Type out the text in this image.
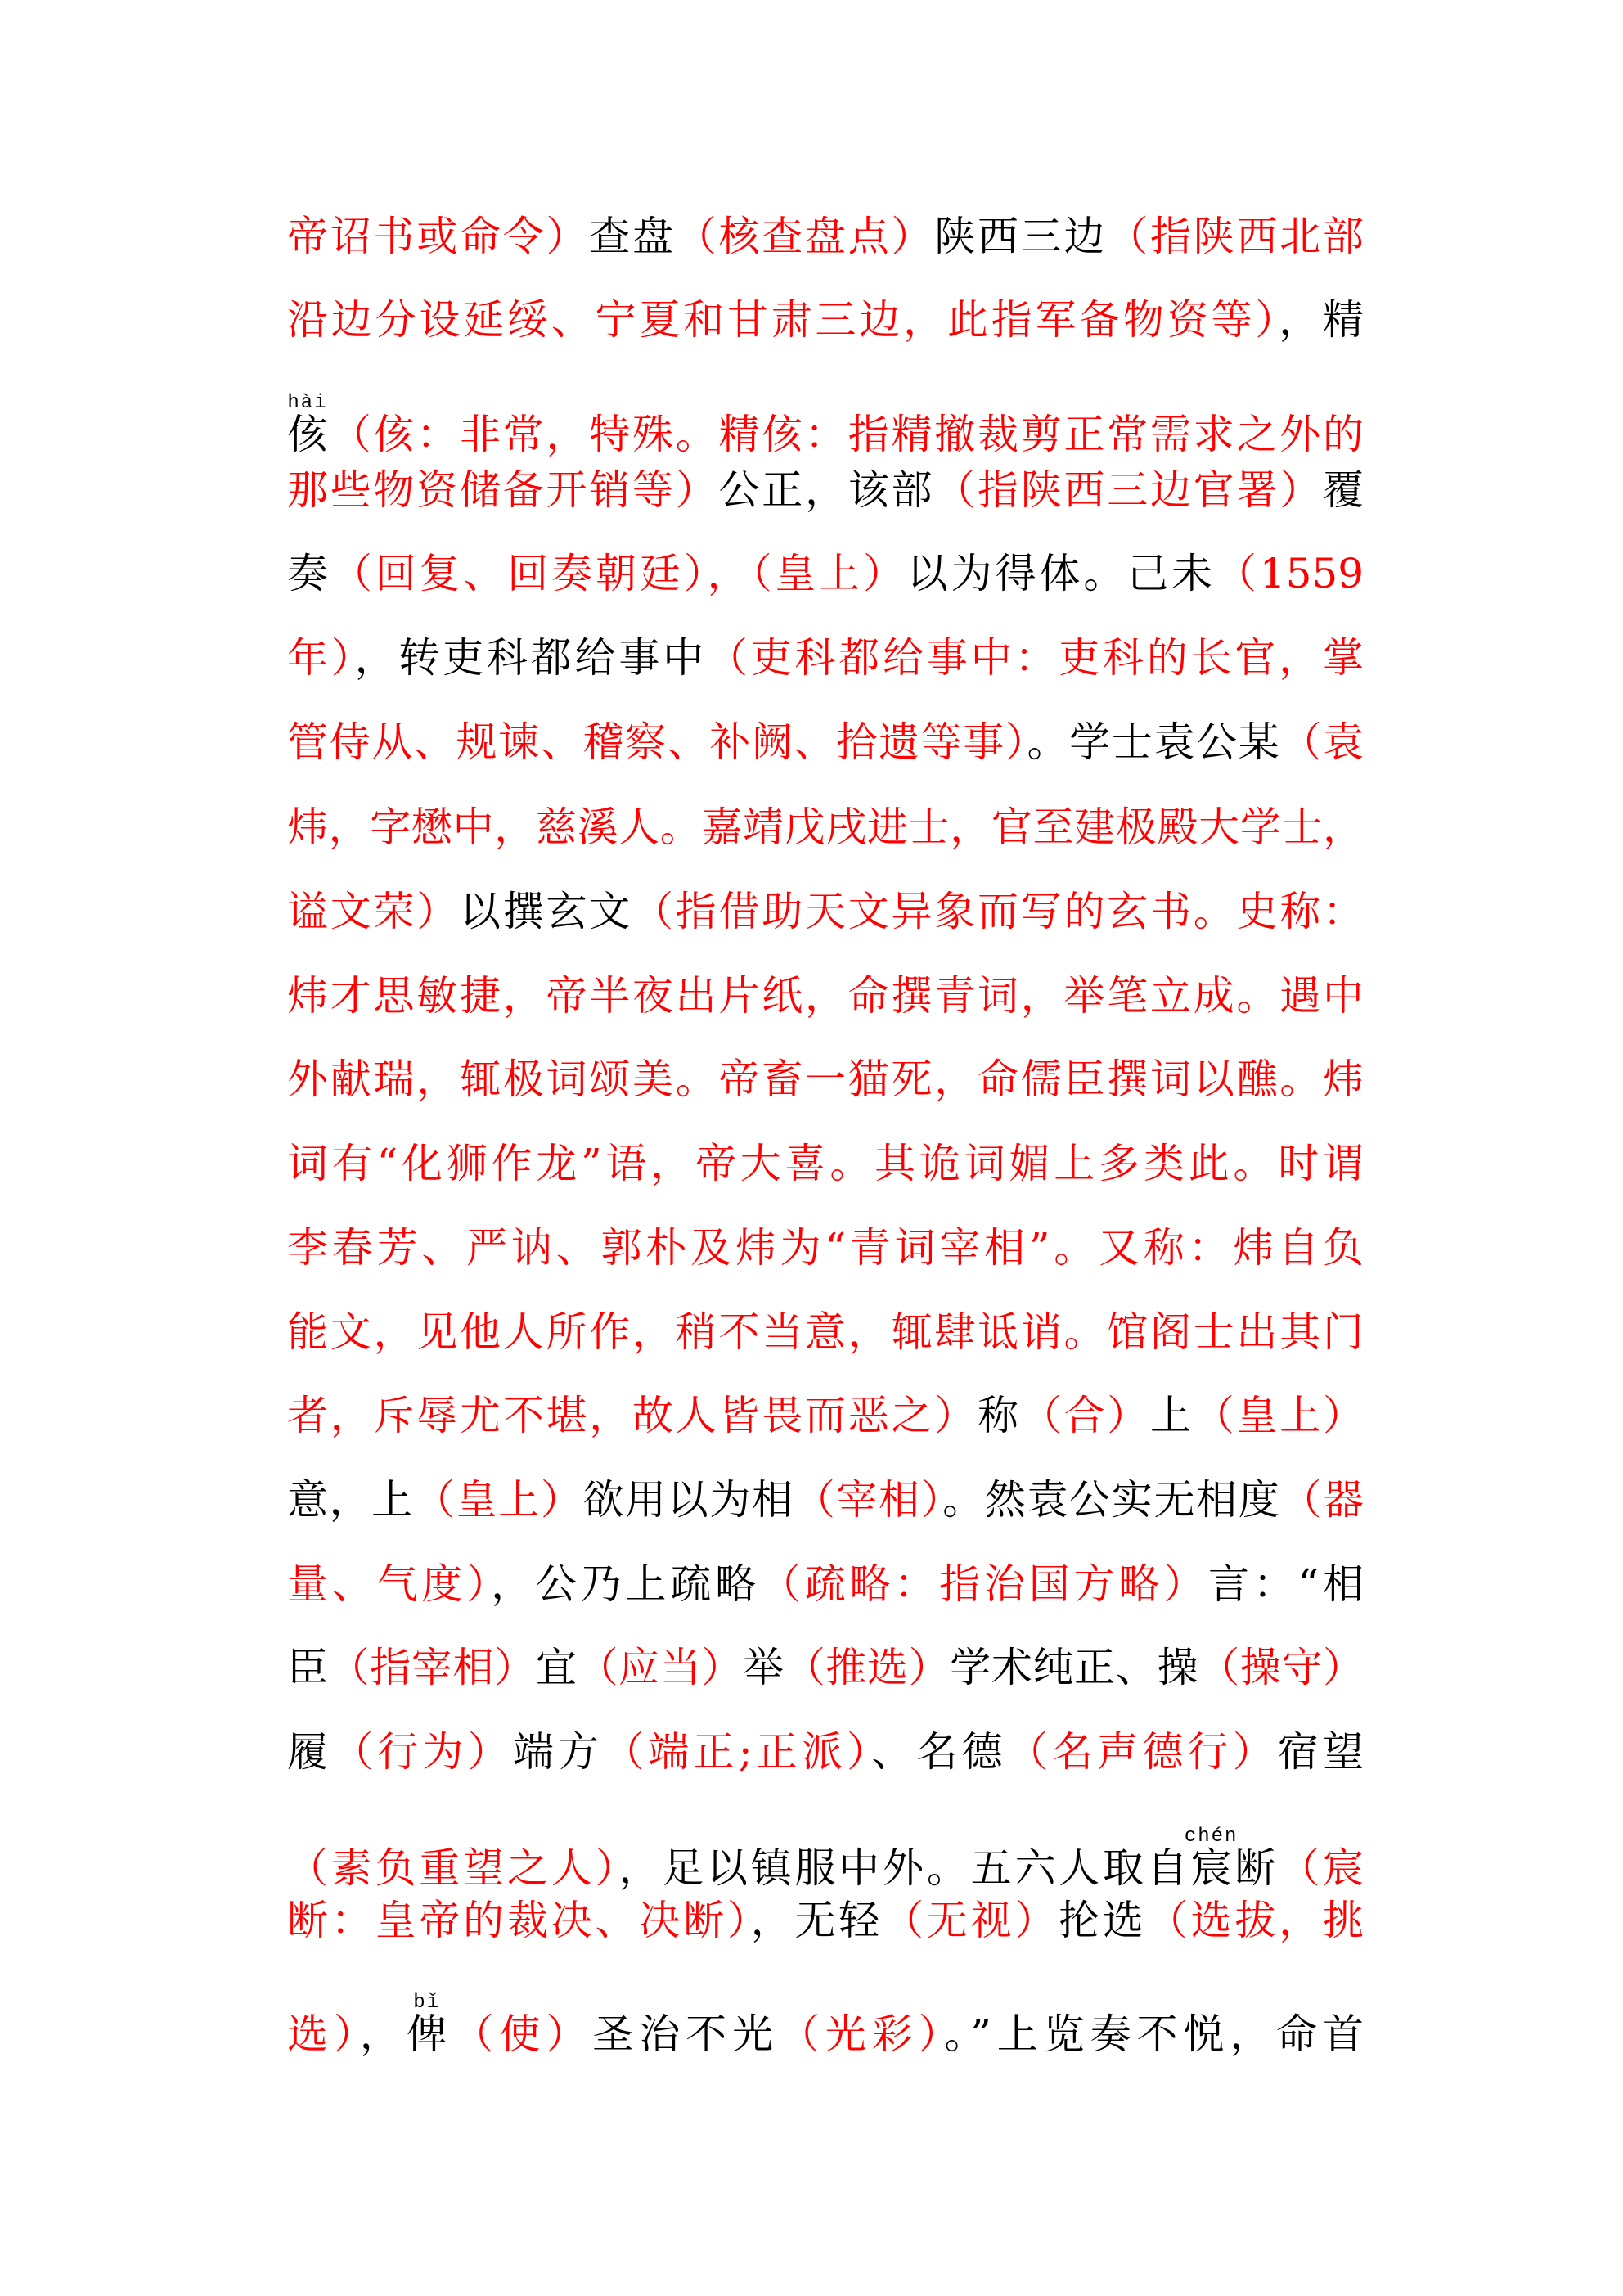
帝诏书或命令）查盘（核查盘点）陕西三边（指陕西北部
沿边分设延绥、宁夏和甘肃三边，此指军备物资等），精
侅hài（侅：非常，特殊。精侅：指精撤裁剪正常需求之外的
那些物资储备开销等）公正，该部（指陕西三边官署）覆
奏（回复、回奏朝廷），（皇上）以为得体。己未（1559
年），转吏科都给事中（吏科都给事中：吏科的长官，掌
管侍从、规谏、稽察、补阙、拾遗等事）。学士袁公某（袁
炜，字懋中，慈溪人。嘉靖戊戌进士，官至建极殿大学士，
谥文荣）以撰玄文（指借助天文异象而写的玄书。史称：
炜才思敏捷，帝半夜出片纸，命撰青词，举笔立成。遇中
外献瑞，辄极词颂美。帝畜一猫死，命儒臣撰词以醮。炜
词有“化狮作龙”语，帝大喜。其诡词媚上多类此。时谓
李春芳、严讷、郭朴及炜为“青词宰相”。又称：炜自负
能文，见他人所作，稍不当意，辄肆诋诮。馆阁士出其门
者，斥辱尤不堪，故人皆畏而恶之）称（合）上（皇上）
意，上（皇上）欲用以为相（宰相）。然袁公实无相度（器
量、气度），公乃上疏略（疏略：指治国方略）言：“相
臣（指宰相）宜（应当）举（推选）学术纯正、操（操守）
履（行为）端方（端正;正派）、名德（名声德行）宿望
（素负重望之人），足以镇服中外。五六人取自宸chén断（宸
断：皇帝的裁决、决断），无轻（无视）抡选（选拔，挑
选），俾bǐ（使）圣治不光（光彩）。”上览奏不悦，命首
